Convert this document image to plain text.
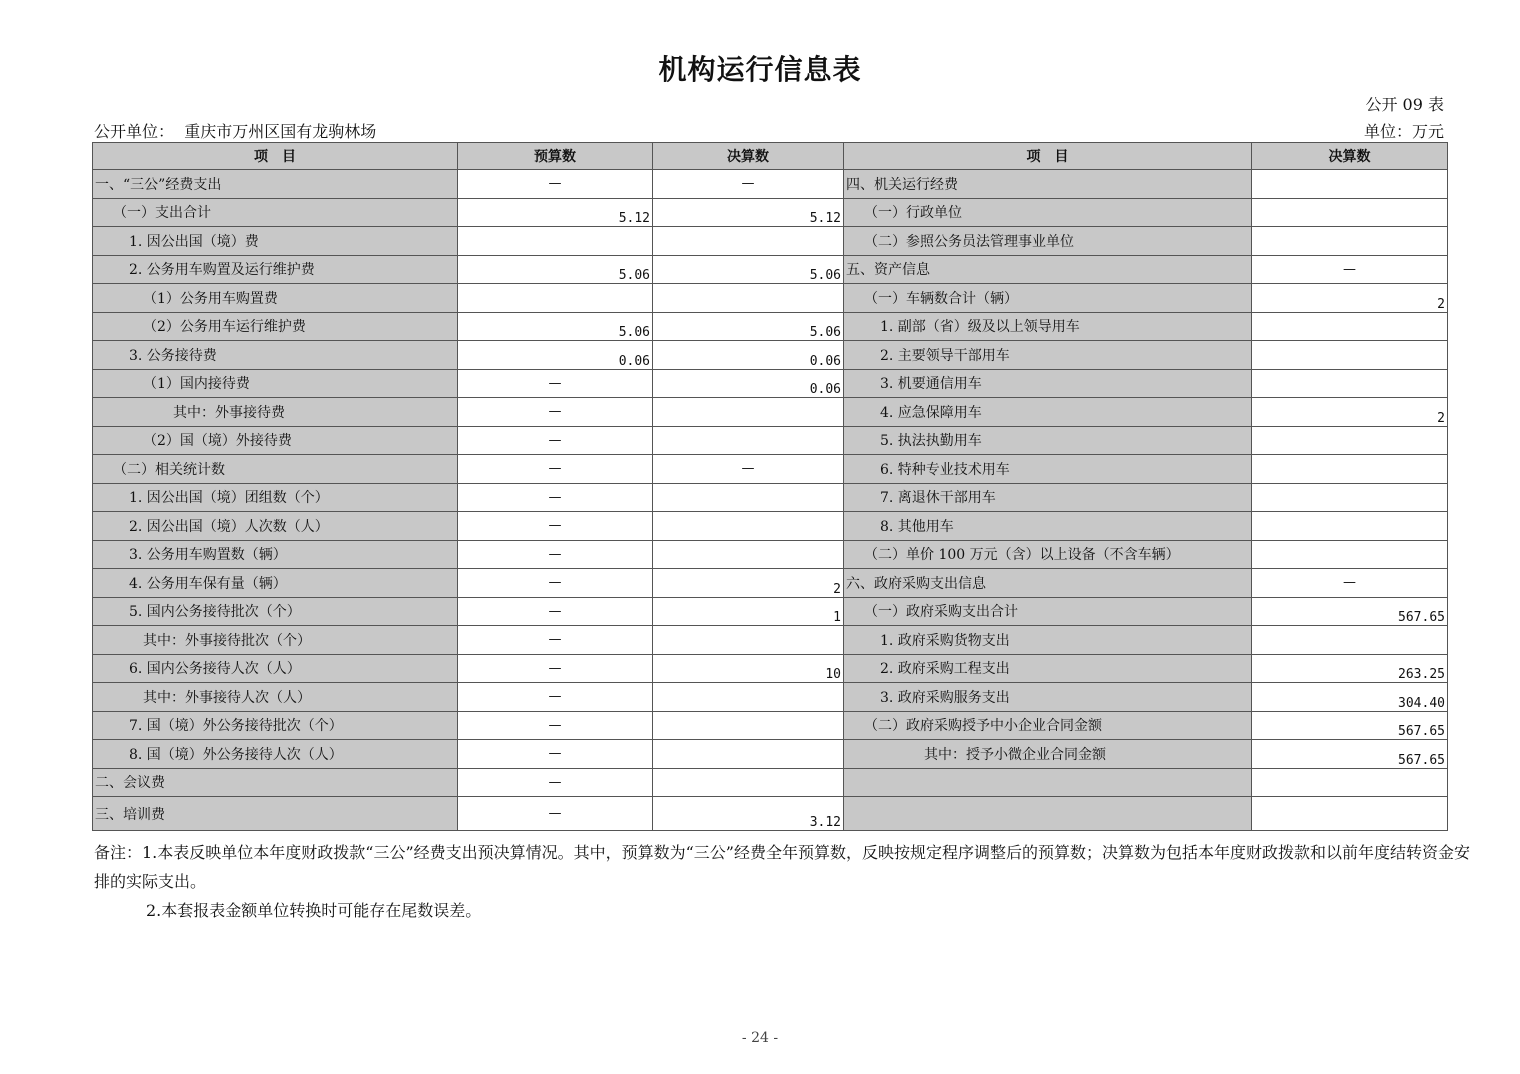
机构运行信息表
公开 09 表
公开单位： 重庆市万州区国有龙驹林场	单位：万元
项　目	预算数	决算数	项　目	决算数
一、“三公”经费支出	—	—	四、机关运行经费	
（一）支出合计	5.12	5.12	（一）行政单位	
1. 因公出国（境）费			（二）参照公务员法管理事业单位	
2. 公务用车购置及运行维护费	5.06	5.06	五、资产信息	—
（1）公务用车购置费			（一）车辆数合计（辆）	2
（2）公务用车运行维护费	5.06	5.06	1. 副部（省）级及以上领导用车	
3. 公务接待费	0.06	0.06	2. 主要领导干部用车	
（1）国内接待费	—	0.06	3. 机要通信用车	
其中：外事接待费	—		4. 应急保障用车	2
（2）国（境）外接待费	—		5. 执法执勤用车	
（二）相关统计数	—	—	6. 特种专业技术用车	
1. 因公出国（境）团组数（个）	—		7. 离退休干部用车	
2. 因公出国（境）人次数（人）	—		8. 其他用车	
3. 公务用车购置数（辆）	—		（二）单价 100 万元（含）以上设备（不含车辆）	
4. 公务用车保有量（辆）	—	2	六、政府采购支出信息	—
5. 国内公务接待批次（个）	—	1	（一）政府采购支出合计	567.65
其中：外事接待批次（个）	—		1. 政府采购货物支出	
6. 国内公务接待人次（人）	—	10	2. 政府采购工程支出	263.25
其中：外事接待人次（人）	—		3. 政府采购服务支出	304.40
7. 国（境）外公务接待批次（个）	—		（二）政府采购授予中小企业合同金额	567.65
8. 国（境）外公务接待人次（人）	—		其中：授予小微企业合同金额	567.65
二、会议费	—			
三、培训费	—	3.12		
备注：1.本表反映单位本年度财政拨款“三公”经费支出预决算情况。其中，预算数为“三公”经费全年预算数，反映按规定程序调整后的预算数；决算数为包括本年度财政拨款和以前年度结转资金安排的实际支出。
2.本套报表金额单位转换时可能存在尾数误差。
- 24 -
